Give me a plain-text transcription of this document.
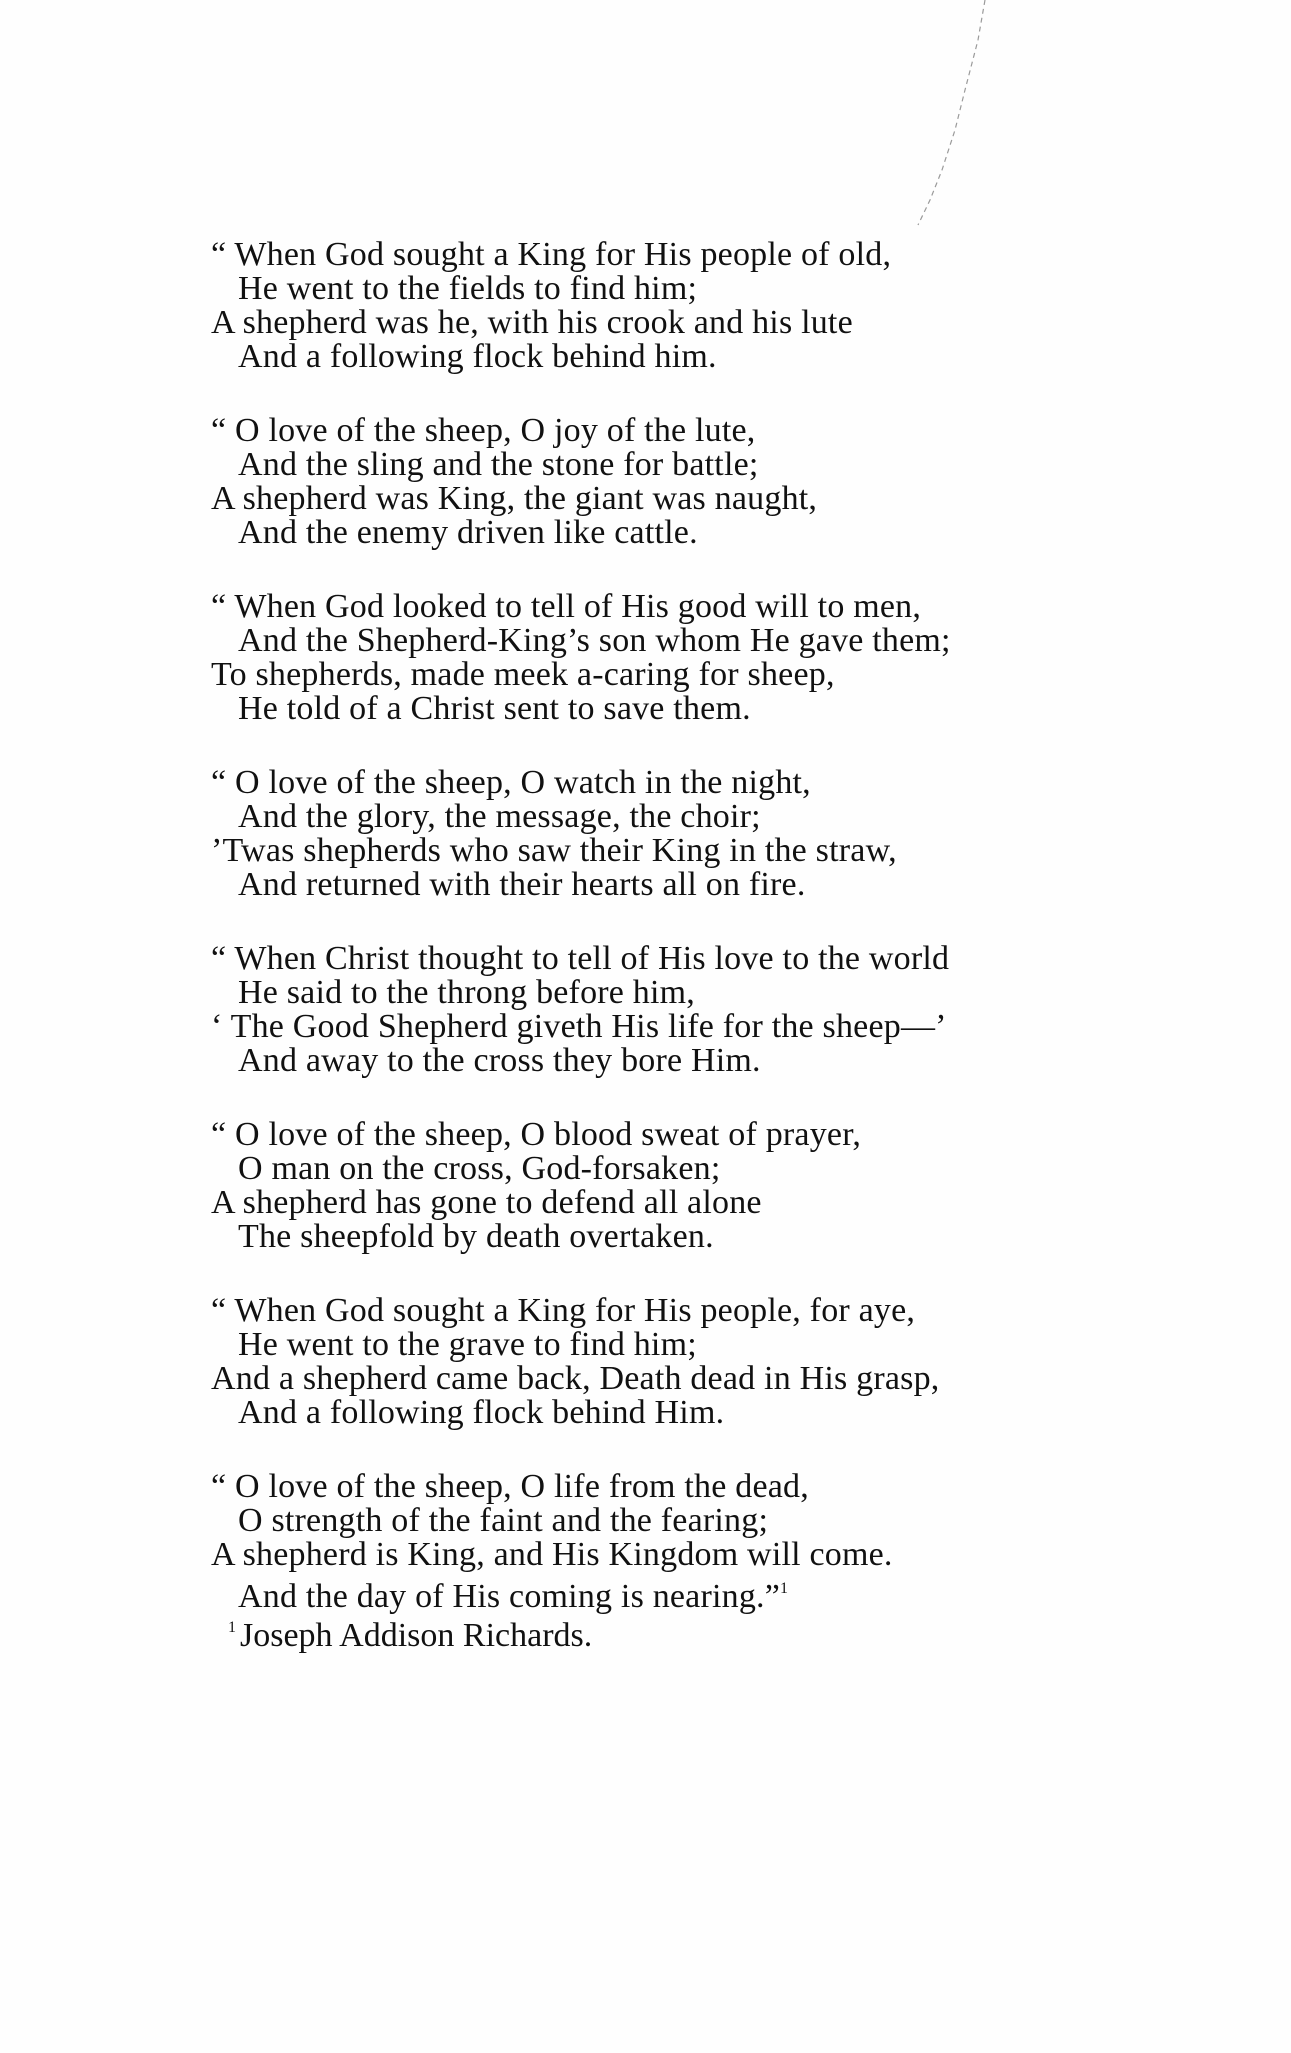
“ When God sought a King for His people of old,
He went to the fields to find him;
A shepherd was he, with his crook and his lute
And a following flock behind him.
“ O love of the sheep, O joy of the lute,
And the sling and the stone for battle;
A shepherd was King, the giant was naught,
And the enemy driven like cattle.
“ When God looked to tell of His good will to men,
And the Shepherd-King’s son whom He gave them;
To shepherds, made meek a-caring for sheep,
He told of a Christ sent to save them.
“ O love of the sheep, O watch in the night,
And the glory, the message, the choir;
’Twas shepherds who saw their King in the straw,
And returned with their hearts all on fire.
“ When Christ thought to tell of His love to the world
He said to the throng before him,
‘ The Good Shepherd giveth His life for the sheep—’
And away to the cross they bore Him.
“ O love of the sheep, O blood sweat of prayer,
O man on the cross, God-forsaken;
A shepherd has gone to defend all alone
The sheepfold by death overtaken.
“ When God sought a King for His people, for aye,
He went to the grave to find him;
And a shepherd came back, Death dead in His grasp,
And a following flock behind Him.
“ O love of the sheep, O life from the dead,
O strength of the faint and the fearing;
A shepherd is King, and His Kingdom will come.
And the day of His coming is nearing.”$^1$
$^1$ Joseph Addison Richards.
